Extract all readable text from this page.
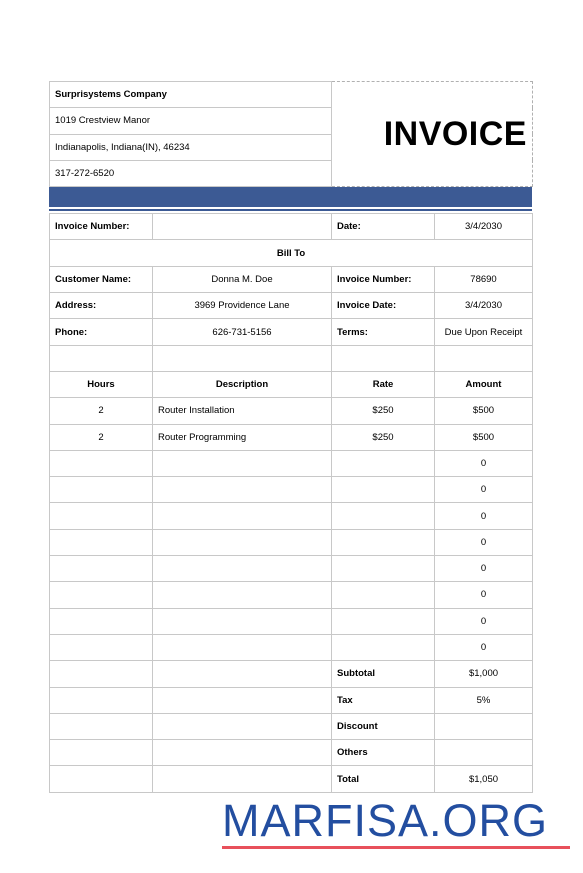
Surprisystems Company	INVOICE
1019 Crestview Manor
Indianapolis, Indiana(IN), 46234
317-272-6520
Invoice Number:		Date:	3/4/2030
Bill To			
Customer Name:	Donna M. Doe	Invoice Number:	78690
Address:	3969 Providence Lane	Invoice Date:	3/4/2030
Phone:	626-731-5156	Terms:	Due Upon Receipt

Hours	Description	Rate	Amount
2	Router Installation	$250	$500
2	Router Programming	$250	$500
			0
			0
			0
			0
			0
			0
			0
			0
		Subtotal	$1,000
		Tax	5%
		Discount	
		Others	
		Total	$1,050
MARFISA.ORG
